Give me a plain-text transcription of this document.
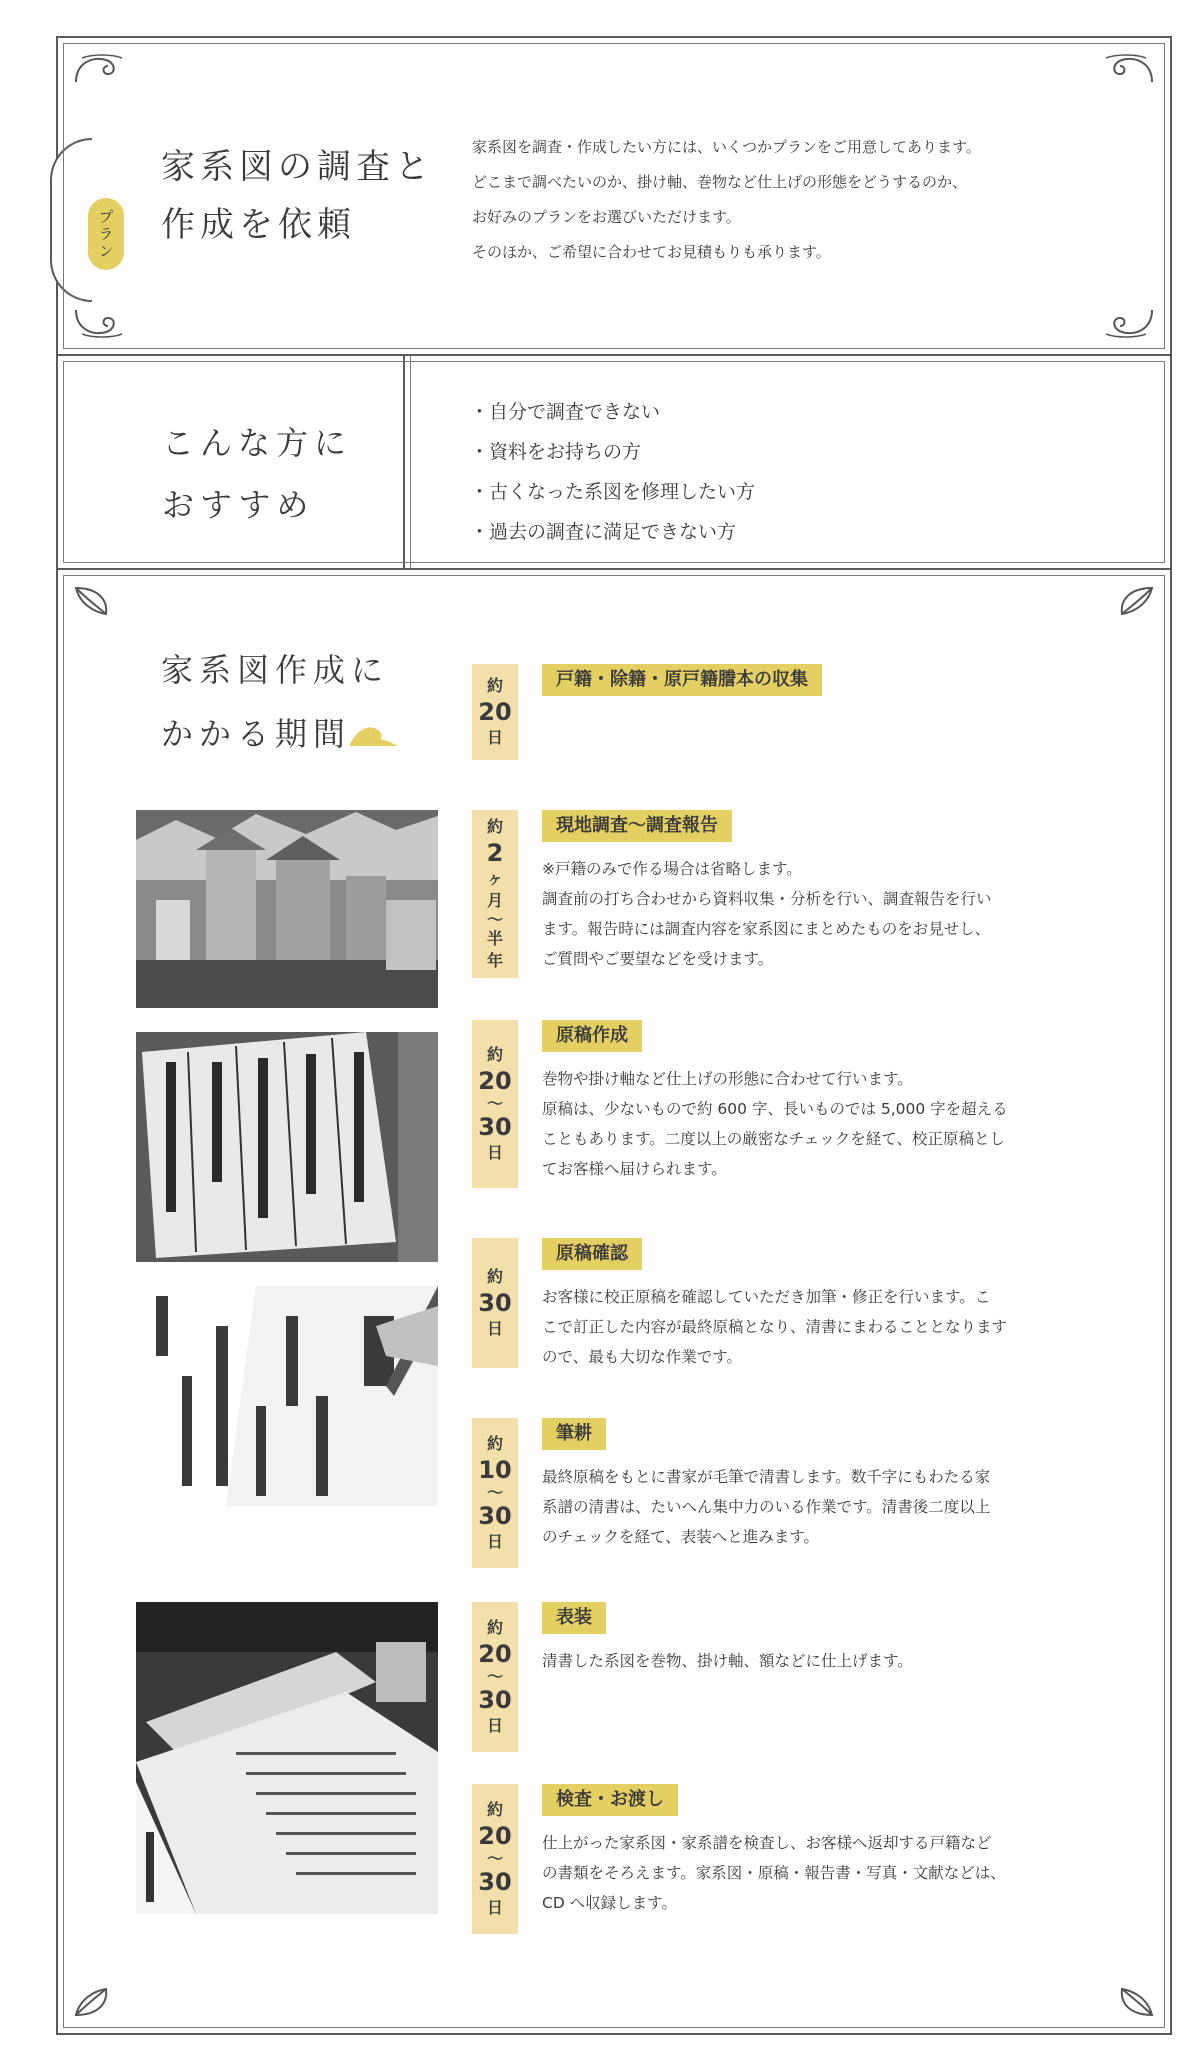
プラン
家系図の調査と
作成を依頼
家系図を調査・作成したい方には、いくつかプランをご用意してあります。
どこまで調べたいのか、掛け軸、巻物など仕上げの形態をどうするのか、
お好みのプランをお選びいただけます。
そのほか、ご希望に合わせてお見積もりも承ります。
こんな方に
おすすめ
・自分で調査できない
・資料をお持ちの方
・古くなった系図を修理したい方
・過去の調査に満足できない方
家系図作成に
かかる期間
約
20
日
戸籍・除籍・原戸籍謄本の収集
約
2
ヶ
月
〜
半
年
現地調査〜調査報告
※戸籍のみで作る場合は省略します。
調査前の打ち合わせから資料収集・分析を行い、調査報告を行い
ます。報告時には調査内容を家系図にまとめたものをお見せし、
ご質問やご要望などを受けます。
約
20
〜
30
日
原稿作成
巻物や掛け軸など仕上げの形態に合わせて行います。
原稿は、少ないもので約 600 字、長いものでは 5,000 字を超える
こともあります。二度以上の厳密なチェックを経て、校正原稿とし
てお客様へ届けられます。
約
30
日
原稿確認
お客様に校正原稿を確認していただき加筆・修正を行います。こ
こで訂正した内容が最終原稿となり、清書にまわることとなります
ので、最も大切な作業です。
約
10
〜
30
日
筆耕
最終原稿をもとに書家が毛筆で清書します。数千字にもわたる家
系譜の清書は、たいへん集中力のいる作業です。清書後二度以上
のチェックを経て、表装へと進みます。
約
20
〜
30
日
表装
清書した系図を巻物、掛け軸、額などに仕上げます。
約
20
〜
30
日
検査・お渡し
仕上がった家系図・家系譜を検査し、お客様へ返却する戸籍など
の書類をそろえます。家系図・原稿・報告書・写真・文献などは、
CD へ収録します。
